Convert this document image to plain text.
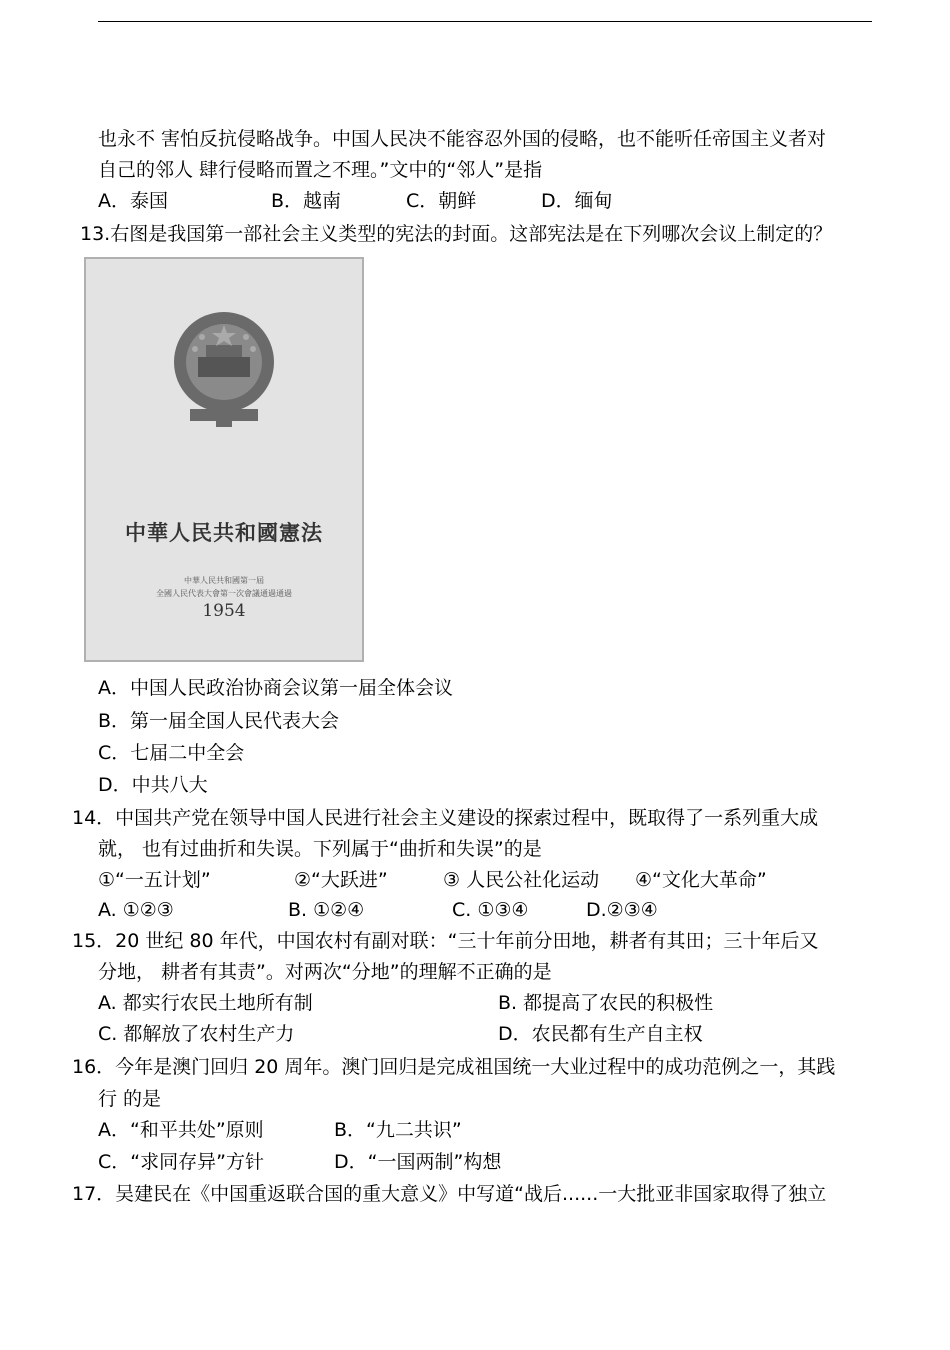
也永不 害怕反抗侵略战争。中国人民决不能容忍外国的侵略，也不能听任帝国主义者对
自己的邻人 肆行侵略而置之不理。”文中的“邻人”是指
A．泰国	B．越南	C．朝鲜	D．缅甸
13.右图是我国第一部社会主义类型的宪法的封面。这部宪法是在下列哪次会议上制定的？
中華人民共和國憲法
中華人民共和國第一屆
全國人民代表大會第一次會議通過通過
1954
A．中国人民政治协商会议第一届全体会议
B．第一届全国人民代表大会
C．七届二中全会
D．中共八大
14．中国共产党在领导中国人民进行社会主义建设的探索过程中，既取得了一系列重大成
就， 也有过曲折和失误。下列属于“曲折和失误”的是
①“一五计划”	②“大跃进”	③ 人民公社化运动 ④“文化大革命”
A. ①②③	B. ①②④	C. ①③④	D.②③④
15．20 世纪 80 年代，中国农村有副对联：“三十年前分田地，耕者有其田；三十年后又
分地， 耕者有其责”。对两次“分地”的理解不正确的是
A. 都实行农民土地所有制	B. 都提高了农民的积极性
C. 都解放了农村生产力	D．农民都有生产自主权
16．今年是澳门回归 20 周年。澳门回归是完成祖国统一大业过程中的成功范例之一，其践
行 的是
A．“和平共处”原则	B．“九二共识”
C．“求同存异”方针	D．“一国两制”构想
17．吴建民在《中国重返联合国的重大意义》中写道“战后......一大批亚非国家取得了独立
